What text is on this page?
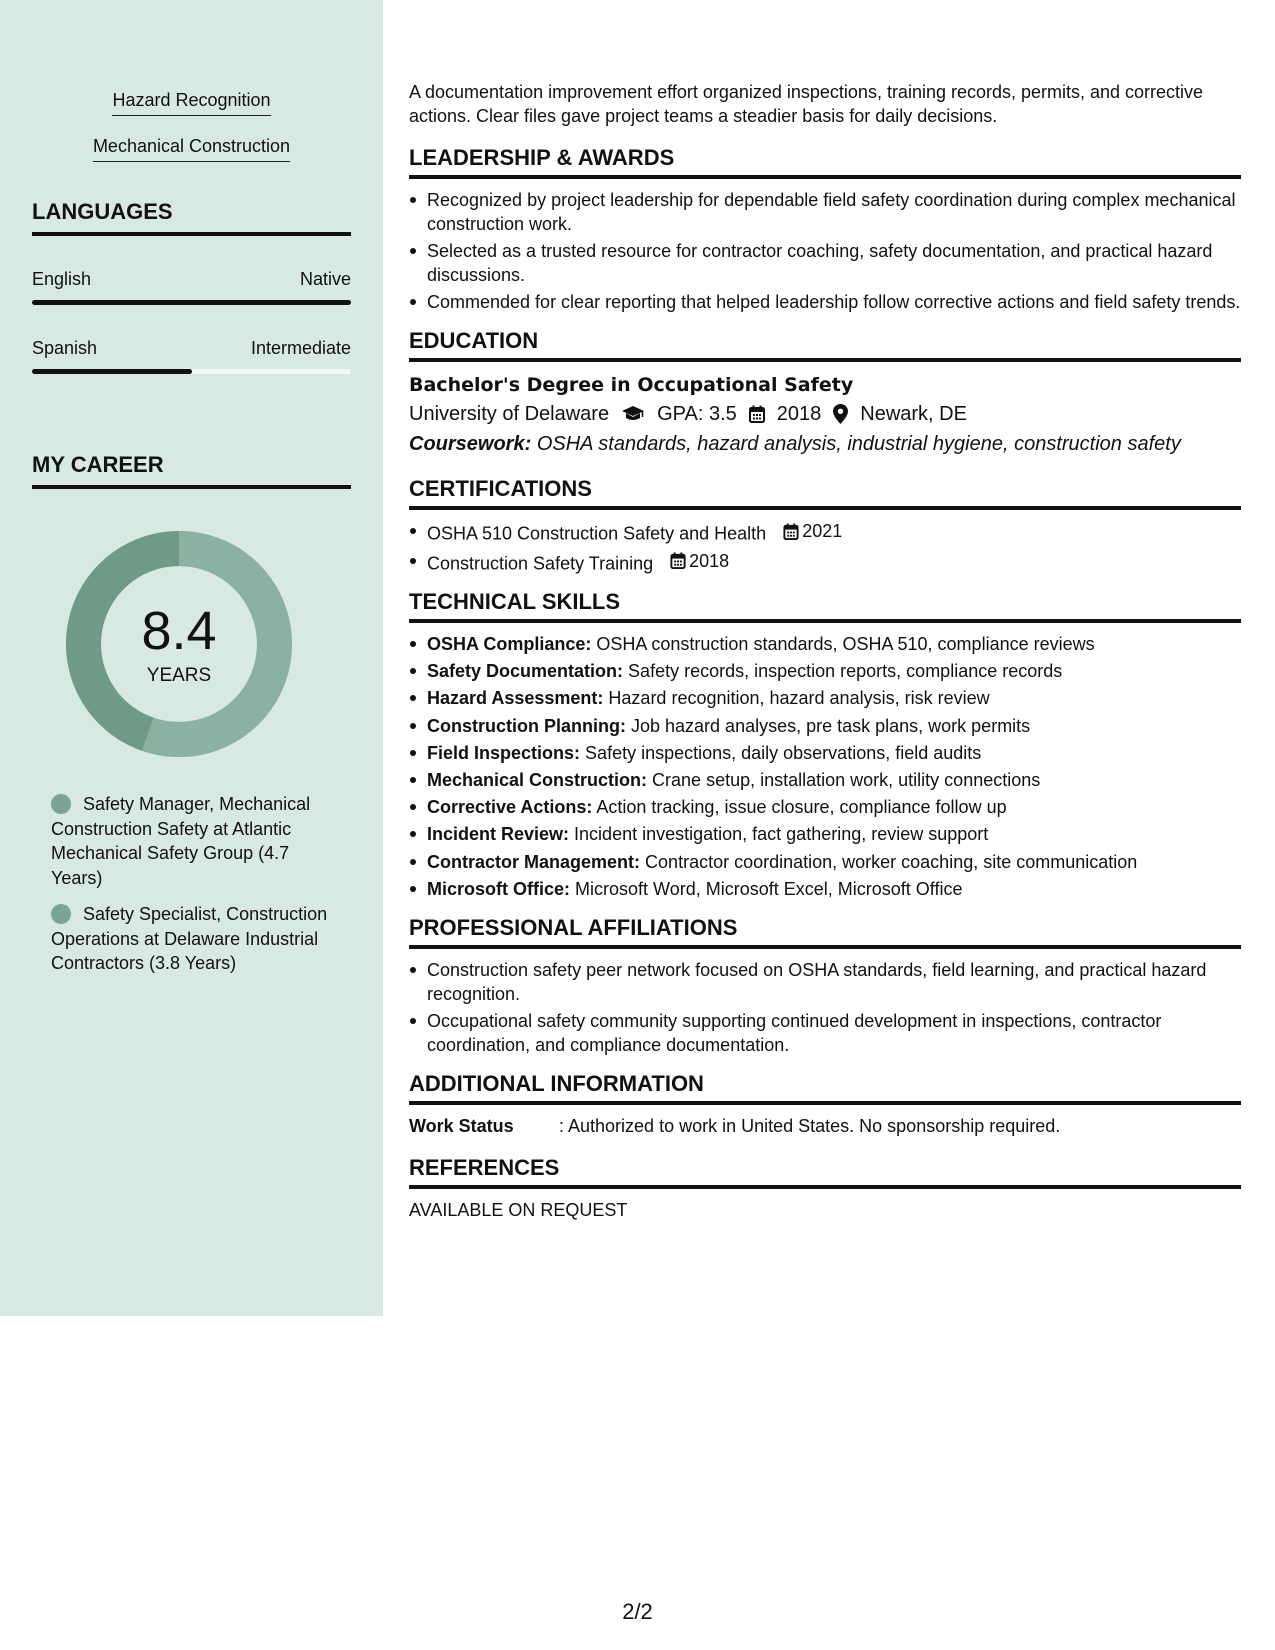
Hazard Recognition
Mechanical Construction
LANGUAGES
English	Native
Spanish	Intermediate
MY CAREER
8.4
YEARS
Safety Manager, Mechanical Construction Safety at Atlantic Mechanical Safety Group (4.7 Years)
Safety Specialist, Construction Operations at Delaware Industrial Contractors (3.8 Years)

A documentation improvement effort organized inspections, training records, permits, and corrective actions. Clear files gave project teams a steadier basis for daily decisions.

LEADERSHIP & AWARDS
Recognized by project leadership for dependable field safety coordination during complex mechanical construction work.
Selected as a trusted resource for contractor coaching, safety documentation, and practical hazard discussions.
Commended for clear reporting that helped leadership follow corrective actions and field safety trends.
EDUCATION
Bachelor's Degree in Occupational Safety
University of Delaware GPA: 3.5 2018 Newark, DE
Coursework: OSHA standards, hazard analysis, industrial hygiene, construction safety
CERTIFICATIONS
OSHA 510 Construction Safety and Health 2021
Construction Safety Training 2018
TECHNICAL SKILLS
OSHA Compliance: OSHA construction standards, OSHA 510, compliance reviews
Safety Documentation: Safety records, inspection reports, compliance records
Hazard Assessment: Hazard recognition, hazard analysis, risk review
Construction Planning: Job hazard analyses, pre task plans, work permits
Field Inspections: Safety inspections, daily observations, field audits
Mechanical Construction: Crane setup, installation work, utility connections
Corrective Actions: Action tracking, issue closure, compliance follow up
Incident Review: Incident investigation, fact gathering, review support
Contractor Management: Contractor coordination, worker coaching, site communication
Microsoft Office: Microsoft Word, Microsoft Excel, Microsoft Office
PROFESSIONAL AFFILIATIONS
Construction safety peer network focused on OSHA standards, field learning, and practical hazard recognition.
Occupational safety community supporting continued development in inspections, contractor coordination, and compliance documentation.
ADDITIONAL INFORMATION
Work Status	: Authorized to work in United States. No sponsorship required.
REFERENCES

AVAILABLE ON REQUEST

2/2
